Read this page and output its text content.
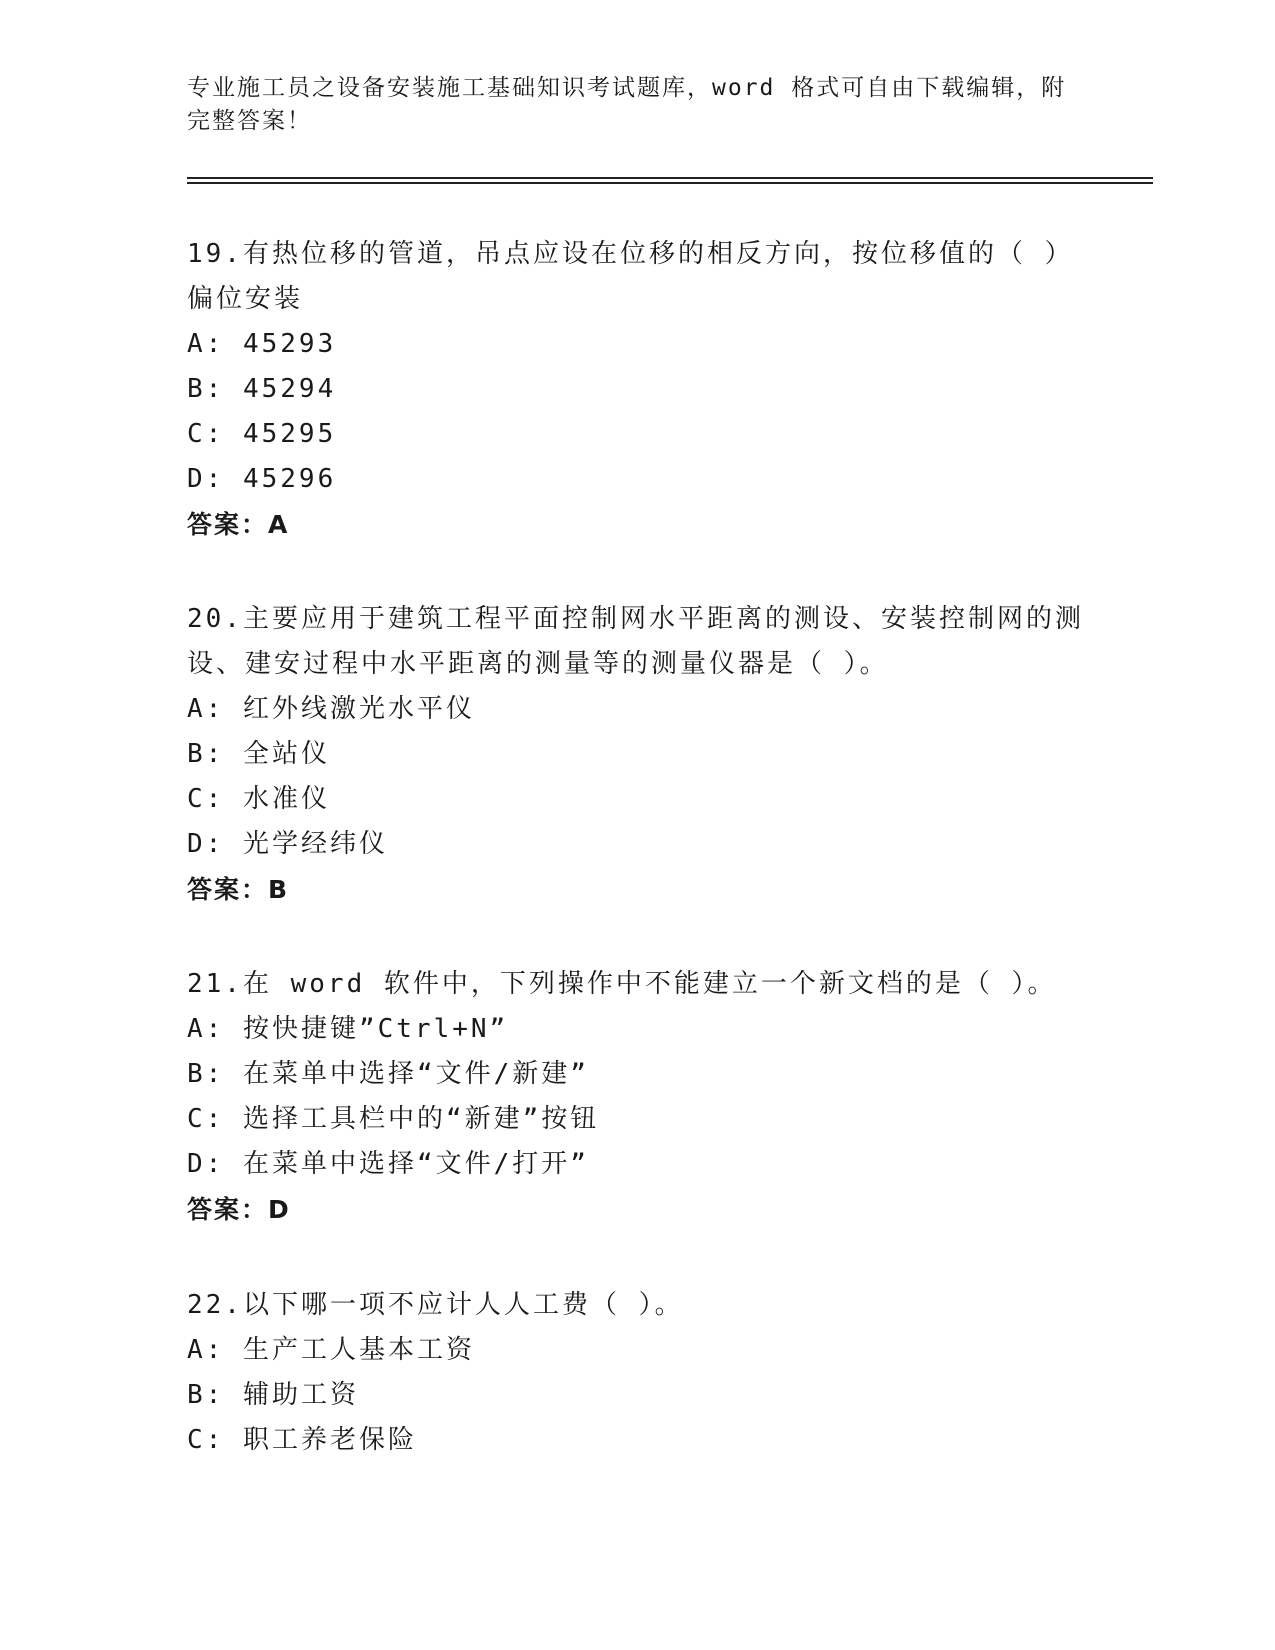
专业施工员之设备安装施工基础知识考试题库，word 格式可自由下载编辑，附完整答案！
19.有热位移的管道，吊点应设在位移的相反方向，按位移值的（ ）偏位安装
A: 45293
B: 45294
C: 45295
D: 45296
答案：A
20.主要应用于建筑工程平面控制网水平距离的测设、安装控制网的测设、建安过程中水平距离的测量等的测量仪器是（ ）。
A: 红外线激光水平仪
B: 全站仪
C: 水准仪
D: 光学经纬仪
答案：B
21.在 word 软件中，下列操作中不能建立一个新文档的是（ ）。
A: 按快捷键”Ctrl+N”
B: 在菜单中选择“文件/新建”
C: 选择工具栏中的“新建”按钮
D: 在菜单中选择“文件/打开”
答案：D
22.以下哪一项不应计人人工费（ ）。
A: 生产工人基本工资
B: 辅助工资
C: 职工养老保险
